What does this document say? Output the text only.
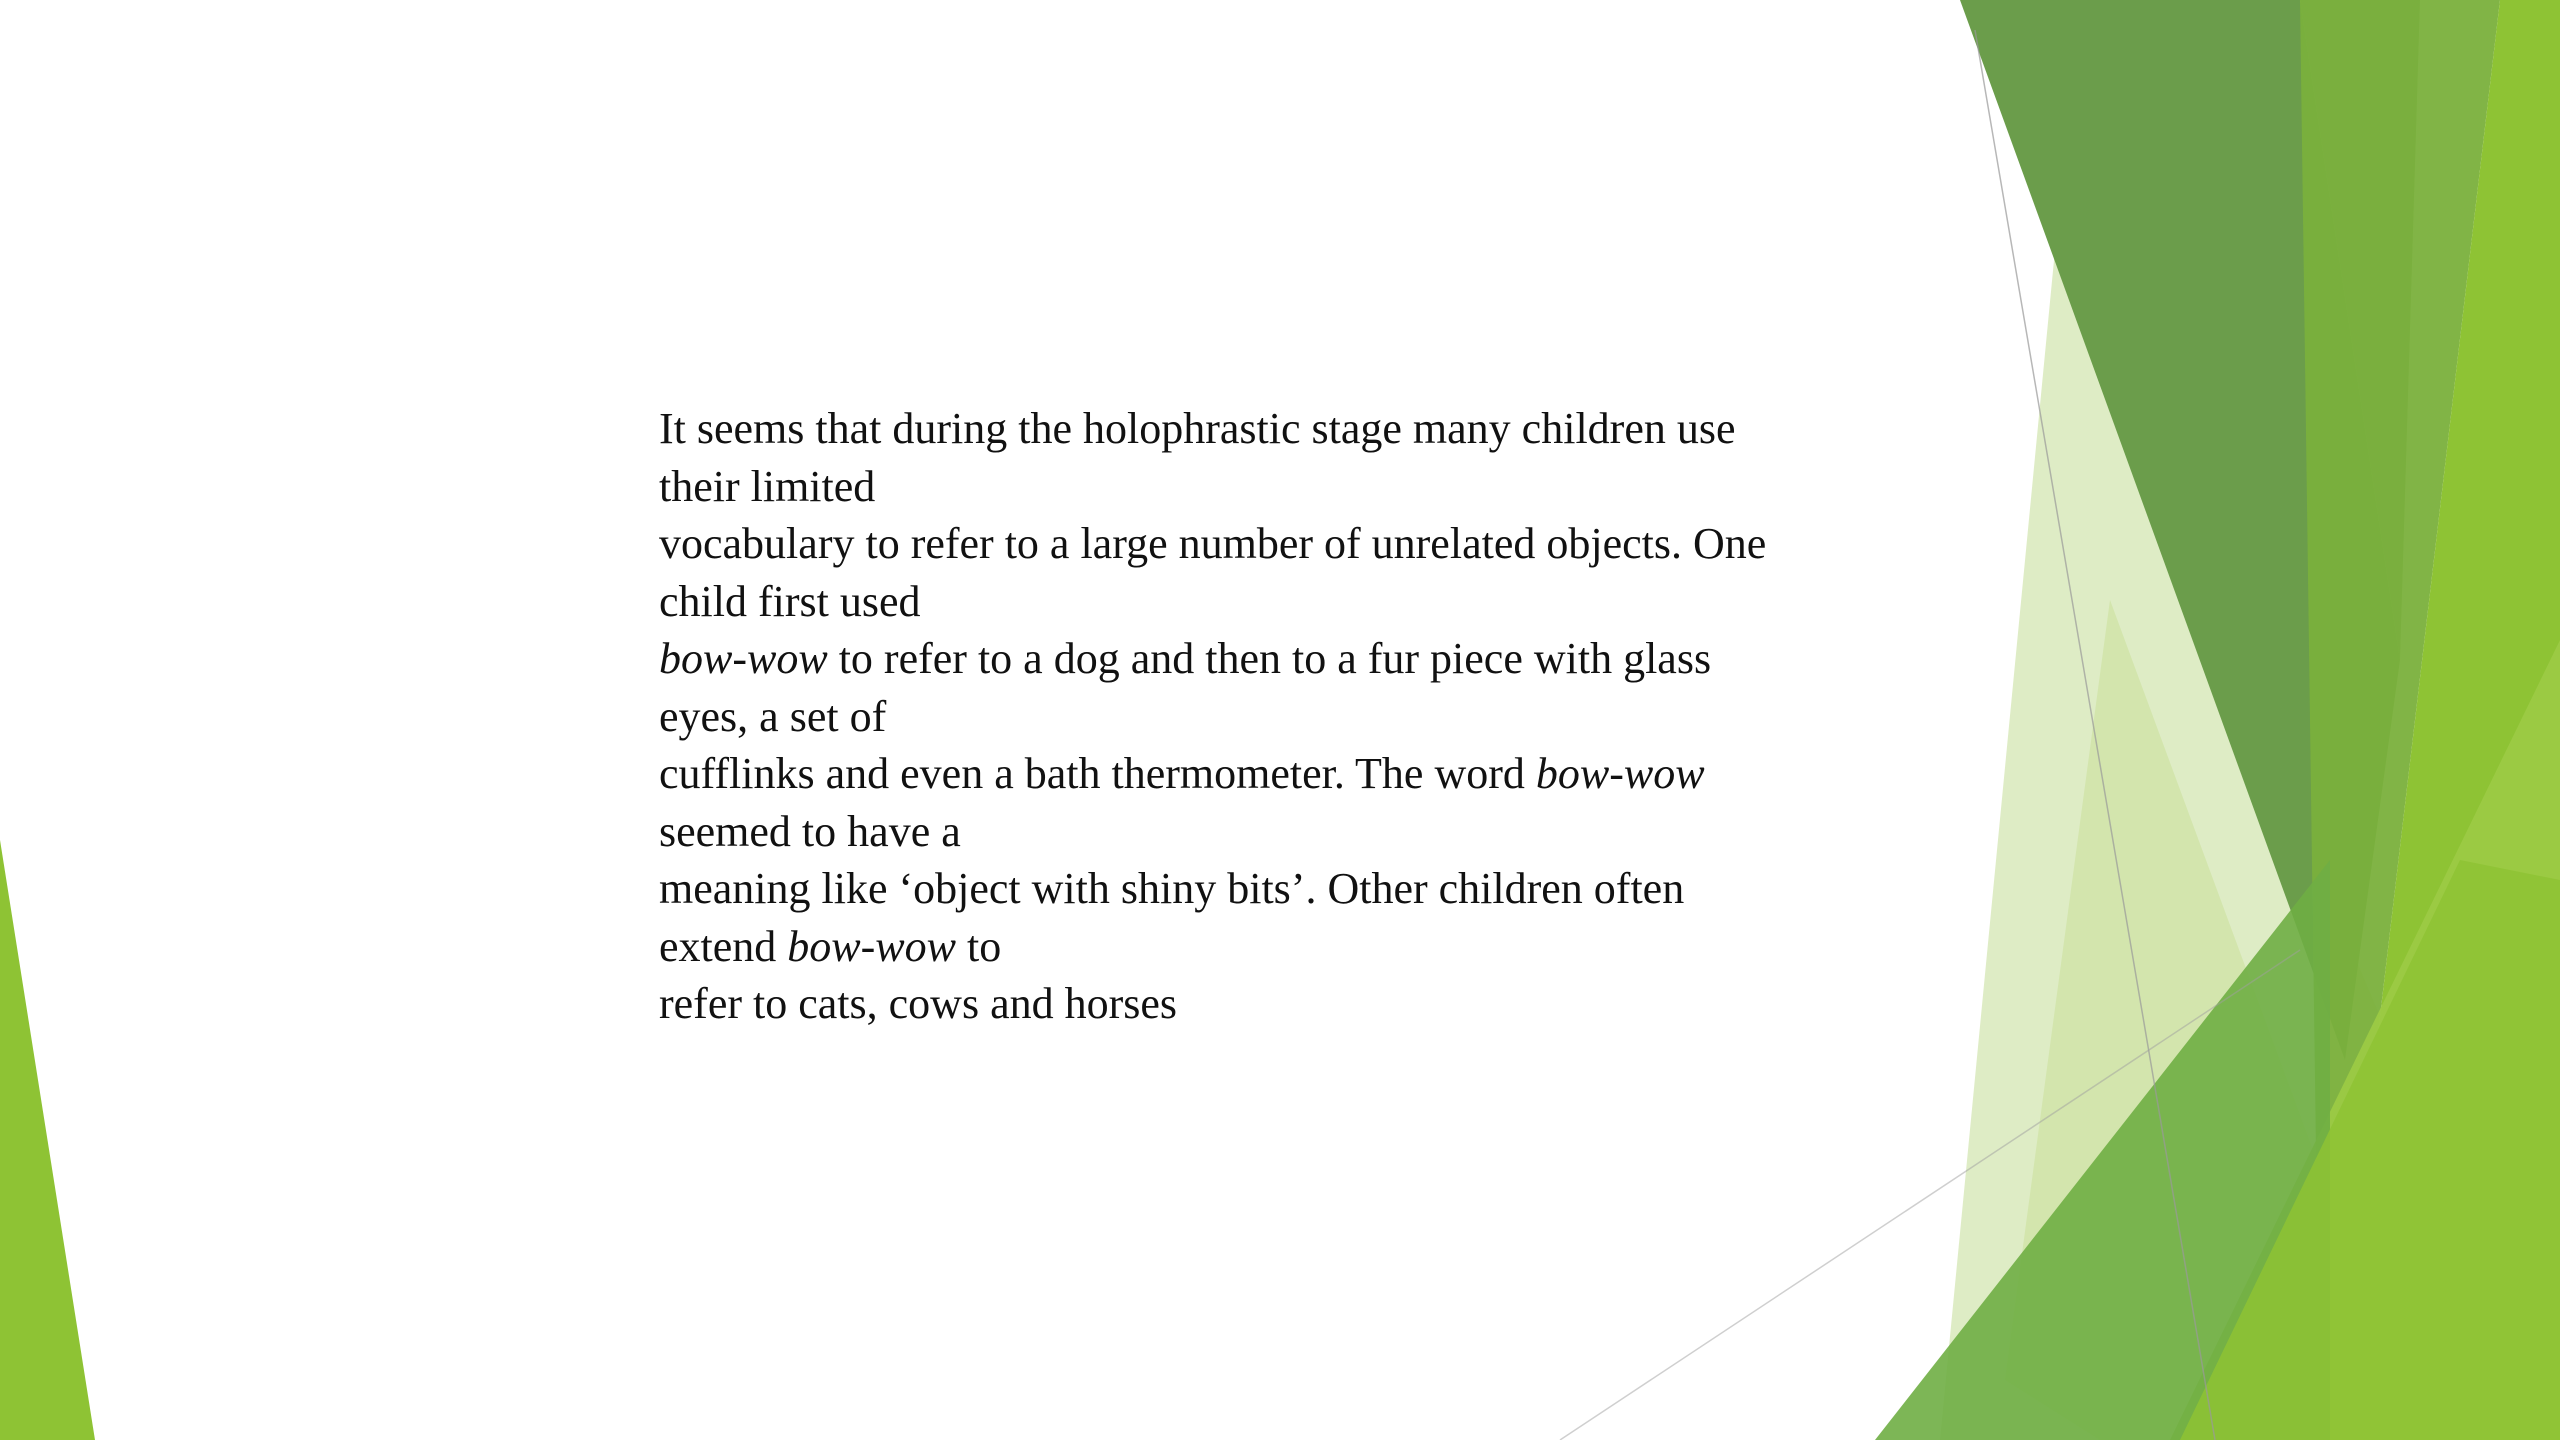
It seems that during the holophrastic stage many children use
their limited
vocabulary to refer to a large number of unrelated objects. One
child first used
bow-wow to refer to a dog and then to a fur piece with glass
eyes, a set of
cufflinks and even a bath thermometer. The word bow-wow
seemed to have a
meaning like ‘object with shiny bits’. Other children often
extend bow-wow to
refer to cats, cows and horses
